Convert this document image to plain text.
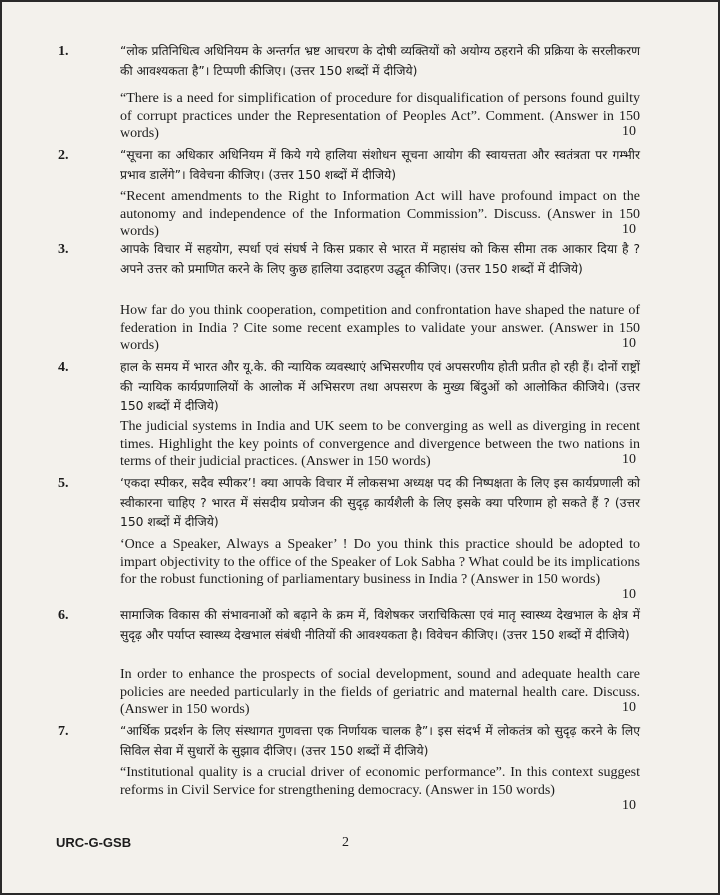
1.	“लोक प्रतिनिधित्व अधिनियम के अन्तर्गत भ्रष्ट आचरण के दोषी व्यक्तियों को अयोग्य ठहराने की प्रक्रिया के सरलीकरण की आवश्यकता है”। टिप्पणी कीजिए। (उत्तर 150 शब्दों में दीजिये)
“There is a need for simplification of procedure for disqualification of persons found guilty of corrupt practices under the Representation of Peoples Act”. Comment. (Answer in 150 words)	10
2.	“सूचना का अधिकार अधिनियम में किये गये हालिया संशोधन सूचना आयोग की स्वायत्तता और स्वतंत्रता पर गम्भीर प्रभाव डालेंगे”। विवेचना कीजिए। (उत्तर 150 शब्दों में दीजिये)
“Recent amendments to the Right to Information Act will have profound impact on the autonomy and independence of the Information Commission”. Discuss. (Answer in 150 words)	10
3.	आपके विचार में सहयोग, स्पर्धा एवं संघर्ष ने किस प्रकार से भारत में महासंघ को किस सीमा तक आकार दिया है ? अपने उत्तर को प्रमाणित करने के लिए कुछ हालिया उदाहरण उद्धृत कीजिए। (उत्तर 150 शब्दों में दीजिये)
How far do you think cooperation, competition and confrontation have shaped the nature of federation in India ? Cite some recent examples to validate your answer. (Answer in 150 words)	10
4.	हाल के समय में भारत और यू.के. की न्यायिक व्यवस्थाएं अभिसरणीय एवं अपसरणीय होती प्रतीत हो रही हैं। दोनों राष्ट्रों की न्यायिक कार्यप्रणालियों के आलोक में अभिसरण तथा अपसरण के मुख्य बिंदुओं को आलोकित कीजिये। (उत्तर 150 शब्दों में दीजिये)
The judicial systems in India and UK seem to be converging as well as diverging in recent times. Highlight the key points of convergence and divergence between the two nations in terms of their judicial practices. (Answer in 150 words)	10
5.	‘एकदा स्पीकर, सदैव स्पीकर’! क्या आपके विचार में लोकसभा अध्यक्ष पद की निष्पक्षता के लिए इस कार्यप्रणाली को स्वीकारना चाहिए ? भारत में संसदीय प्रयोजन की सुदृढ़ कार्यशैली के लिए इसके क्या परिणाम हो सकते हैं ? (उत्तर 150 शब्दों में दीजिये)
‘Once a Speaker, Always a Speaker’ ! Do you think this practice should be adopted to impart objectivity to the office of the Speaker of Lok Sabha ? What could be its implications for the robust functioning of parliamentary business in India ? (Answer in 150 words)
10
6.	सामाजिक विकास की संभावनाओं को बढ़ाने के क्रम में, विशेषकर जराचिकित्सा एवं मातृ स्वास्थ्य देखभाल के क्षेत्र में सुदृढ़ और पर्याप्त स्वास्थ्य देखभाल संबंधी नीतियों की आवश्यकता है। विवेचन कीजिए। (उत्तर 150 शब्दों में दीजिये)
In order to enhance the prospects of social development, sound and adequate health care policies are needed particularly in the fields of geriatric and maternal health care. Discuss. (Answer in 150 words)	10
7.	“आर्थिक प्रदर्शन के लिए संस्थागत गुणवत्ता एक निर्णायक चालक है”। इस संदर्भ में लोकतंत्र को सुदृढ़ करने के लिए सिविल सेवा में सुधारों के सुझाव दीजिए। (उत्तर 150 शब्दों में दीजिये)
“Institutional quality is a crucial driver of economic performance”. In this context suggest reforms in Civil Service for strengthening democracy. (Answer in 150 words)
10
URC-G-GSB	2
